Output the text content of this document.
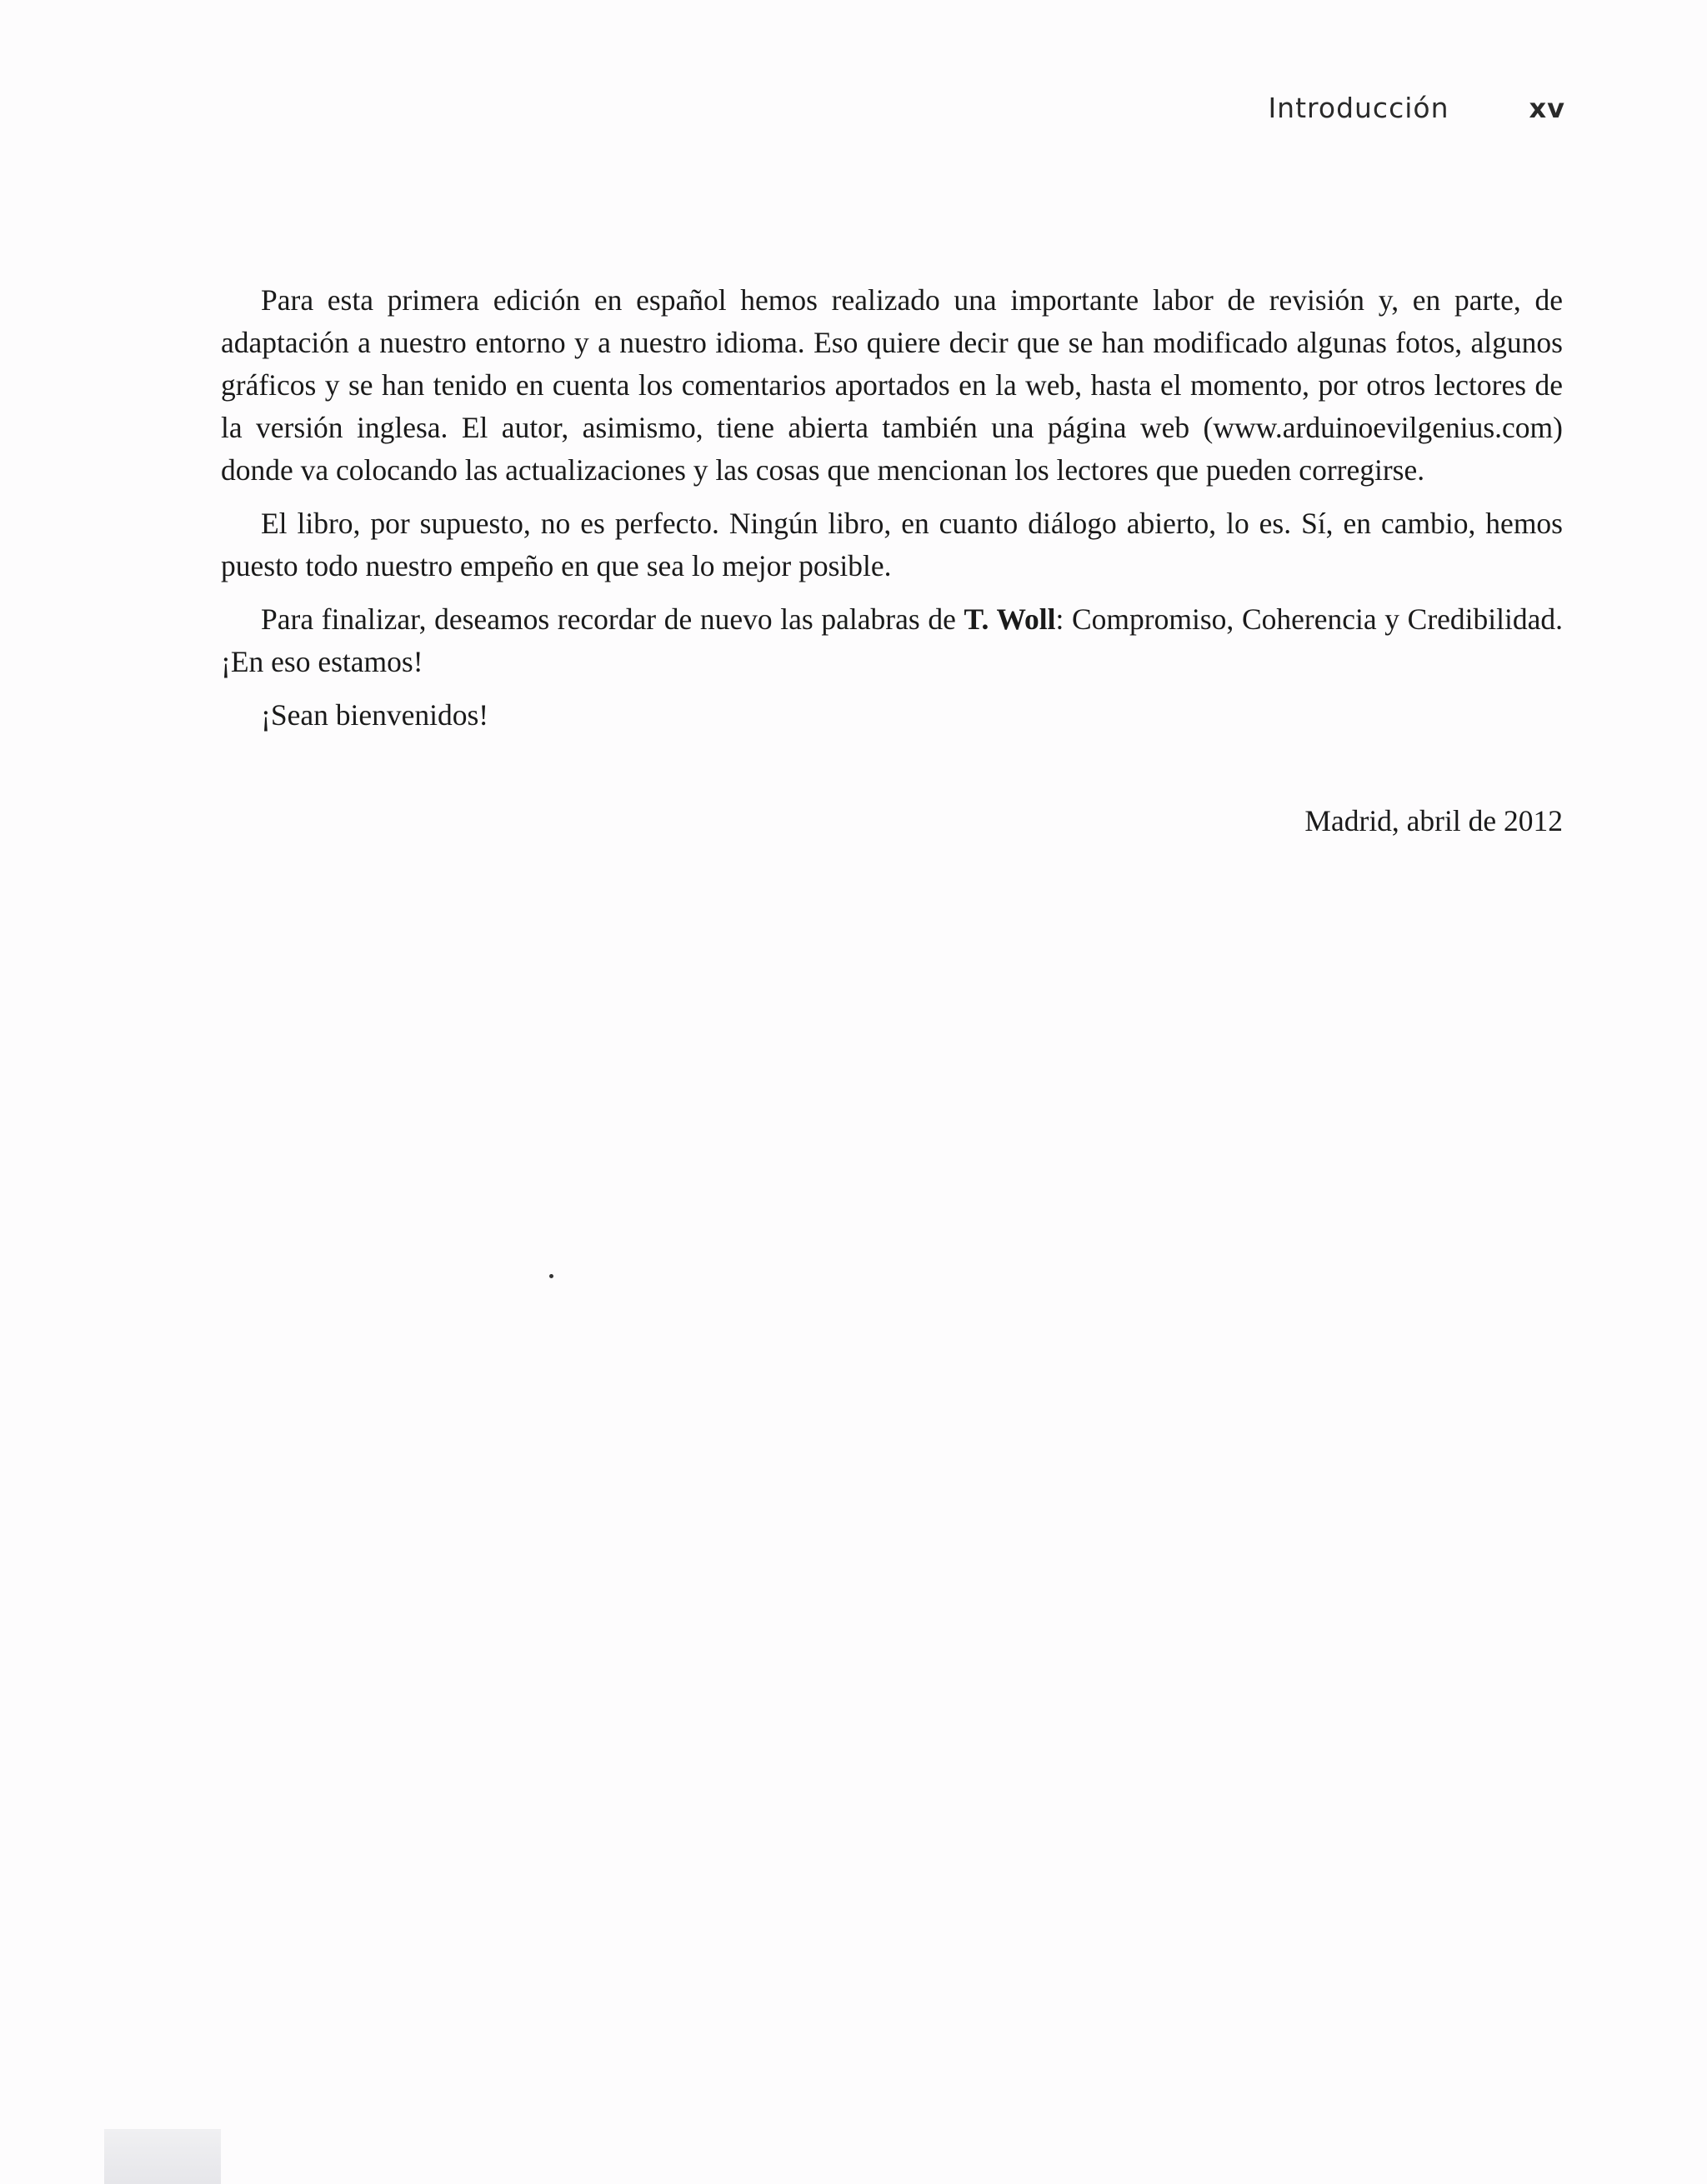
Introducción	xv

Para esta primera edición en español hemos realizado una importante labor de revisión y, en parte, de adaptación a nuestro entorno y a nuestro idioma. Eso quiere decir que se han modificado algunas fotos, algunos gráficos y se han tenido en cuenta los comentarios aportados en la web, hasta el momento, por otros lectores de la versión inglesa. El autor, asimismo, tiene abierta también una página web (www.arduinoevilgenius.com) donde va colocando las actualizaciones y las cosas que mencionan los lectores que pueden corregirse.

El libro, por supuesto, no es perfecto. Ningún libro, en cuanto diálogo abierto, lo es. Sí, en cambio, hemos puesto todo nuestro empeño en que sea lo mejor posible.

Para finalizar, deseamos recordar de nuevo las palabras de T. Woll: Compromiso, Coherencia y Credibilidad. ¡En eso estamos!

¡Sean bienvenidos!

Madrid, abril de 2012
